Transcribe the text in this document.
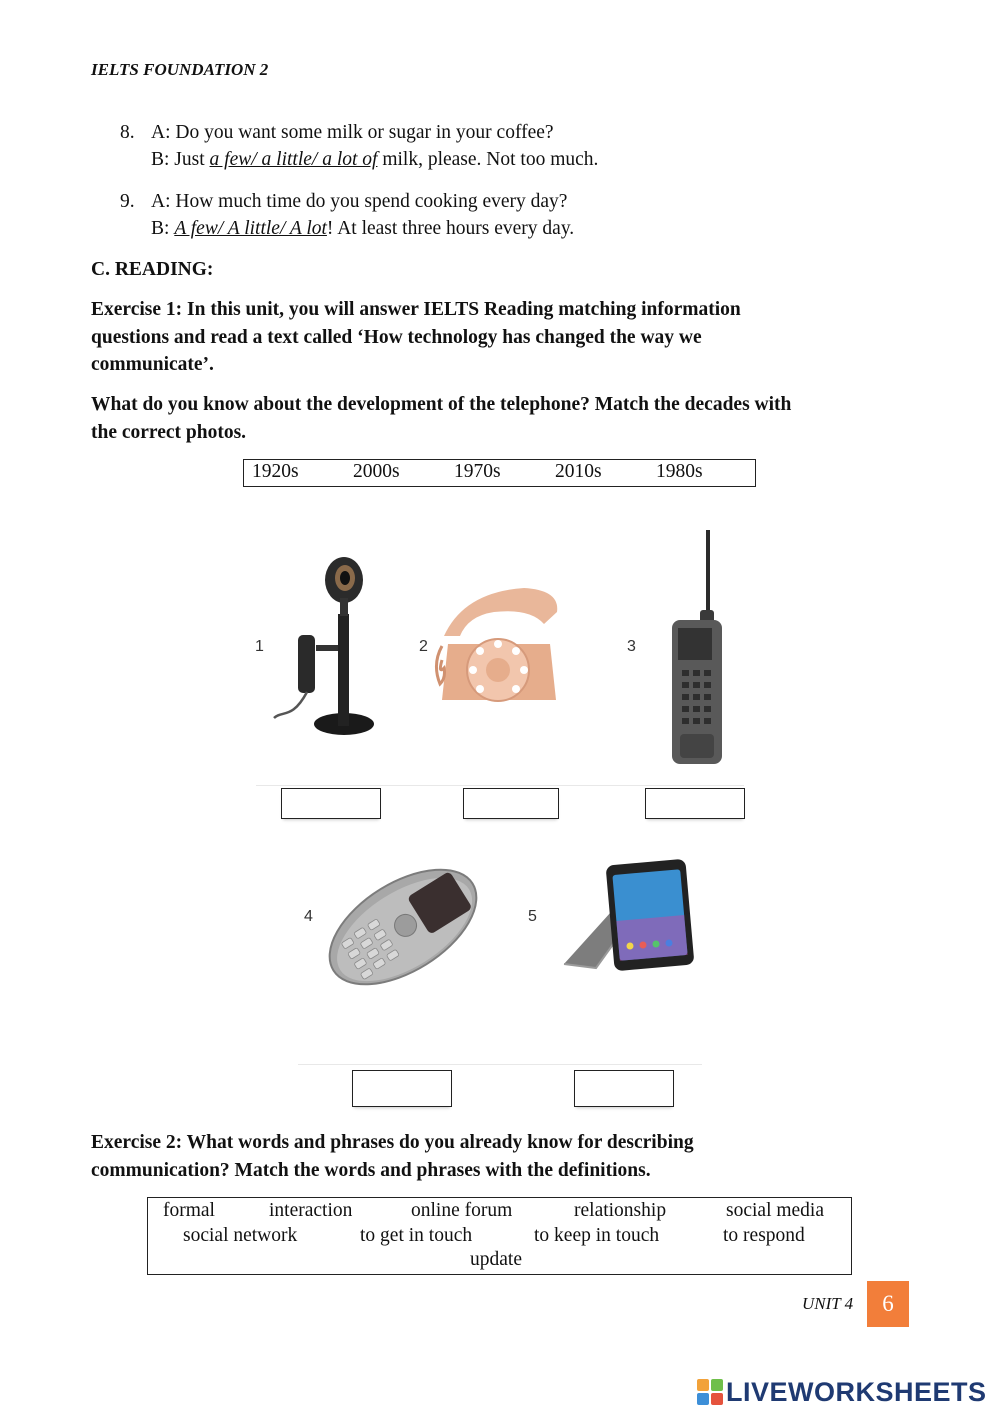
IELTS FOUNDATION 2
8. A: Do you want some milk or sugar in your coffee?
B: Just a few/ a little/ a lot of milk, please. Not too much.
9. A: How much time do you spend cooking every day?
B: A few/ A little/ A lot! At least three hours every day.
C. READING:
Exercise 1: In this unit, you will answer IELTS Reading matching information
questions and read a text called ‘How technology has changed the way we
communicate’.
What do you know about the development of the telephone? Match the decades with
the correct photos.
1920s	2000s	1970s	2010s	1980s
1	2	3
4	5
Exercise 2: What words and phrases do you already know for describing
communication? Match the words and phrases with the definitions.
formal	interaction	online forum	relationship	social media
social network	to get in touch	to keep in touch	to respond
update
UNIT 4	6
LIVEWORKSHEETS
